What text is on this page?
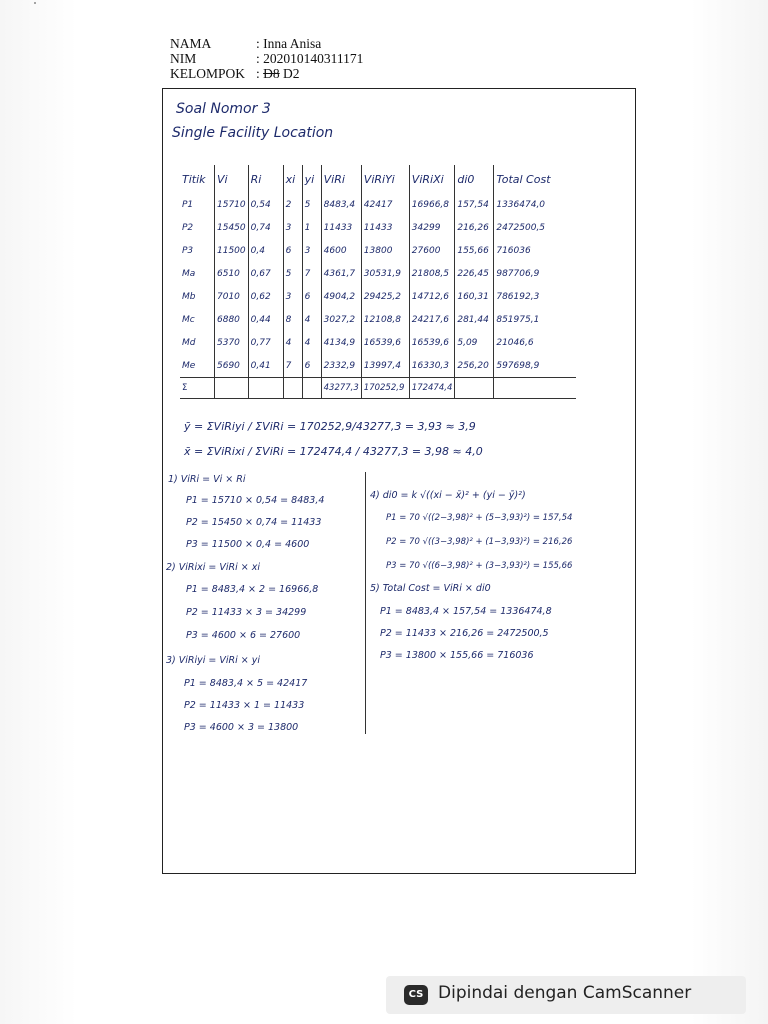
NAMA	: Inna Anisa
NIM	: 202010140311171
KELOMPOK : D8 D2
Soal Nomor 3
Single Facility Location
Titik	Vi	Ri	xi	yi	ViRi	ViRiYi	ViRiXi	di0	Total Cost
P1	15710	0,54	2	5	8483,4	42417	16966,8	157,54	1336474,0
P2	15450	0,74	3	1	11433	11433	34299	216,26	2472500,5
P3	11500	0,4	6	3	4600	13800	27600	155,66	716036
Ma	6510	0,67	5	7	4361,7	30531,9	21808,5	226,45	987706,9
Mb	7010	0,62	3	6	4904,2	29425,2	14712,6	160,31	786192,3
Mc	6880	0,44	8	4	3027,2	12108,8	24217,6	281,44	851975,1
Md	5370	0,77	4	4	4134,9	16539,6	16539,6	5,09	21046,6
Me	5690	0,41	7	6	2332,9	13997,4	16330,3	256,20	597698,9
Σ					43277,3	170252,9	172474,4		
ȳ = ΣViRiyi / ΣViRi = 170252,9/43277,3 = 3,93 ≈ 3,9
x̄ = ΣViRixi / ΣViRi = 172474,4 / 43277,3 = 3,98 ≈ 4,0
1) ViRi = Vi × Ri
P1 = 15710 × 0,54 = 8483,4
P2 = 15450 × 0,74 = 11433
P3 = 11500 × 0,4 = 4600
2) ViRixi = ViRi × xi
P1 = 8483,4 × 2 = 16966,8
P2 = 11433 × 3 = 34299
P3 = 4600 × 6 = 27600
3) ViRiyi = ViRi × yi
P1 = 8483,4 × 5 = 42417
P2 = 11433 × 1 = 11433
P3 = 4600 × 3 = 13800
4) di0 = k √((xi − x̄)² + (yi − ȳ)²)
P1 = 70 √((2−3,98)² + (5−3,93)²) = 157,54
P2 = 70 √((3−3,98)² + (1−3,93)²) = 216,26
P3 = 70 √((6−3,98)² + (3−3,93)²) = 155,66
5) Total Cost = ViRi × di0
P1 = 8483,4 × 157,54 = 1336474,8
P2 = 11433 × 216,26 = 2472500,5
P3 = 13800 × 155,66 = 716036
CS Dipindai dengan CamScanner
